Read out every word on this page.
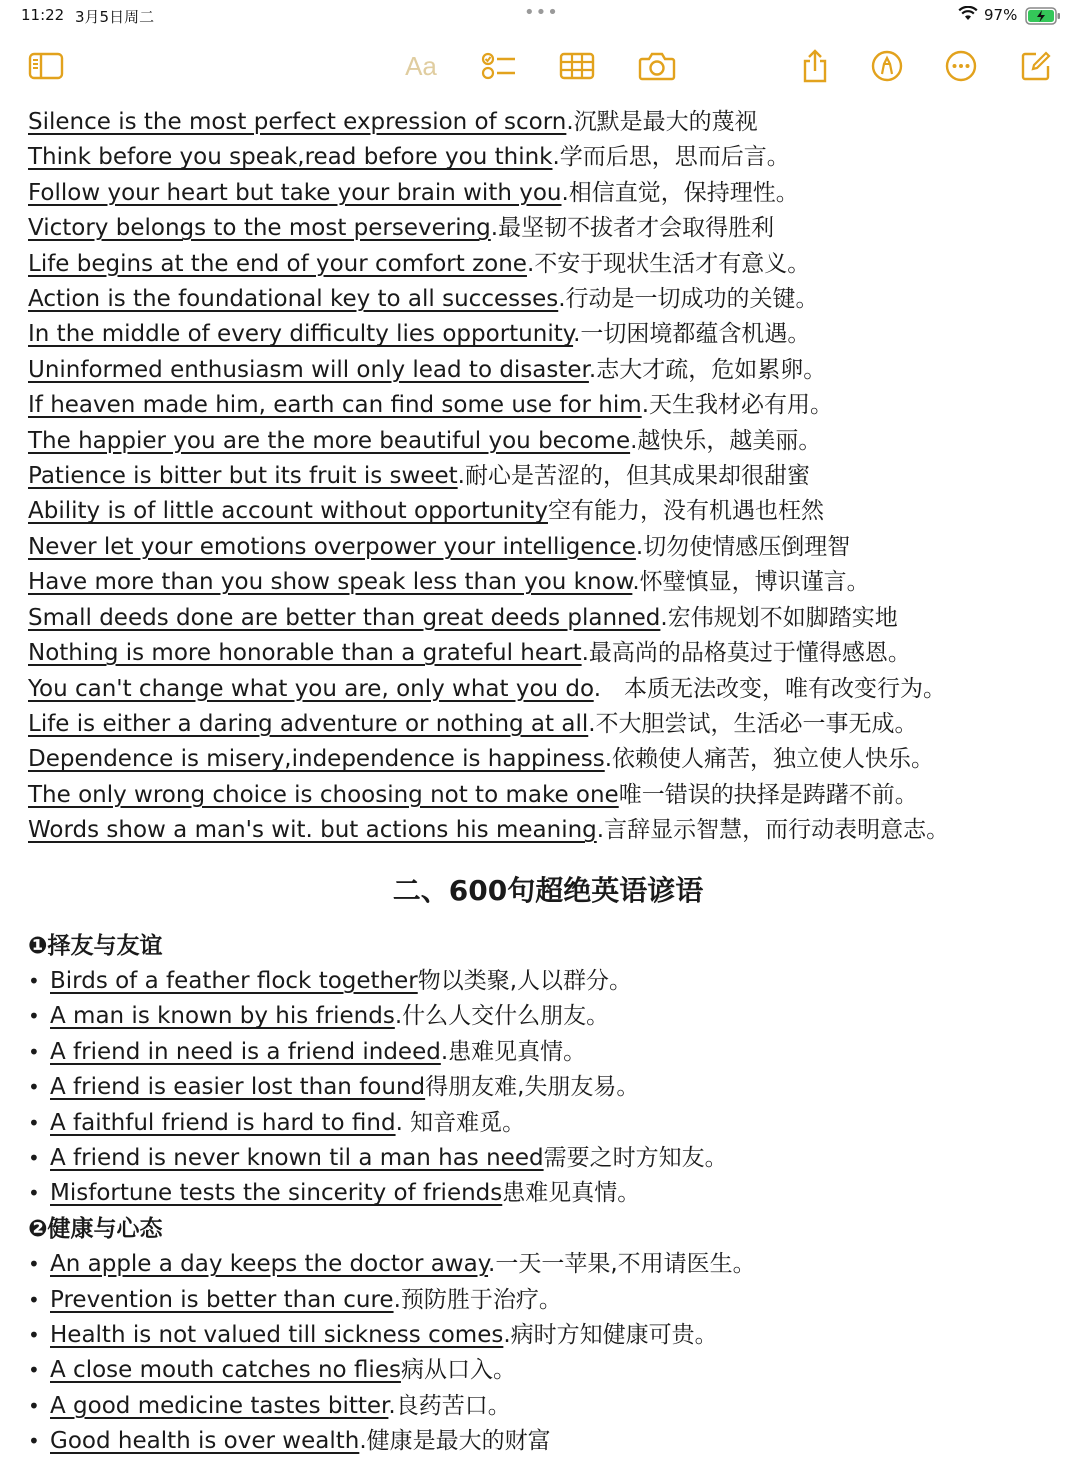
11:22 3月5日周二	•••	97%
Aa
Silence is the most perfect expression of scorn.沉默是最大的蔑视
Think before you speak,read before you think.学而后思，思而后言。
Follow your heart but take your brain with you.相信直觉，保持理性。
Victory belongs to the most persevering.最坚韧不拔者才会取得胜利
Life begins at the end of your comfort zone.不安于现状生活才有意义。
Action is the foundational key to all successes.行动是一切成功的关键。
In the middle of every difficulty lies opportunity.一切困境都蕴含机遇。
Uninformed enthusiasm will only lead to disaster.志大才疏，危如累卵。
If heaven made him, earth can find some use for him.天生我材必有用。
The happier you are the more beautiful you become.越快乐，越美丽。
Patience is bitter but its fruit is sweet.耐心是苦涩的，但其成果却很甜蜜
Ability is of little account without opportunity空有能力，没有机遇也枉然
Never let your emotions overpower your intelligence.切勿使情感压倒理智
Have more than you show speak less than you know.怀璧慎显，博识谨言。
Small deeds done are better than great deeds planned.宏伟规划不如脚踏实地
Nothing is more honorable than a grateful heart.最高尚的品格莫过于懂得感恩。
You can't change what you are, only what you do.　本质无法改变，唯有改变行为。
Life is either a daring adventure or nothing at all.不大胆尝试，生活必一事无成。
Dependence is misery,independence is happiness.依赖使人痛苦，独立使人快乐。
The only wrong choice is choosing not to make one唯一错误的抉择是踌躇不前。
Words show a man's wit. but actions his meaning.言辞显示智慧，而行动表明意志。
二、600句超绝英语谚语
❶择友与友谊
• Birds of a feather flock together物以类聚,人以群分。
• A man is known by his friends.什么人交什么朋友。
• A friend in need is a friend indeed.患难见真情。
• A friend is easier lost than found得朋友难,失朋友易。
• A faithful friend is hard to find. 知音难觅。
• A friend is never known til a man has need需要之时方知友。
• Misfortune tests the sincerity of friends患难见真情。
❷健康与心态
• An apple a day keeps the doctor away.一天一苹果,不用请医生。
• Prevention is better than cure.预防胜于治疗。
• Health is not valued till sickness comes.病时方知健康可贵。
• A close mouth catches no flies病从口入。
• A good medicine tastes bitter.良药苦口。
• Good health is over wealth.健康是最大的财富
